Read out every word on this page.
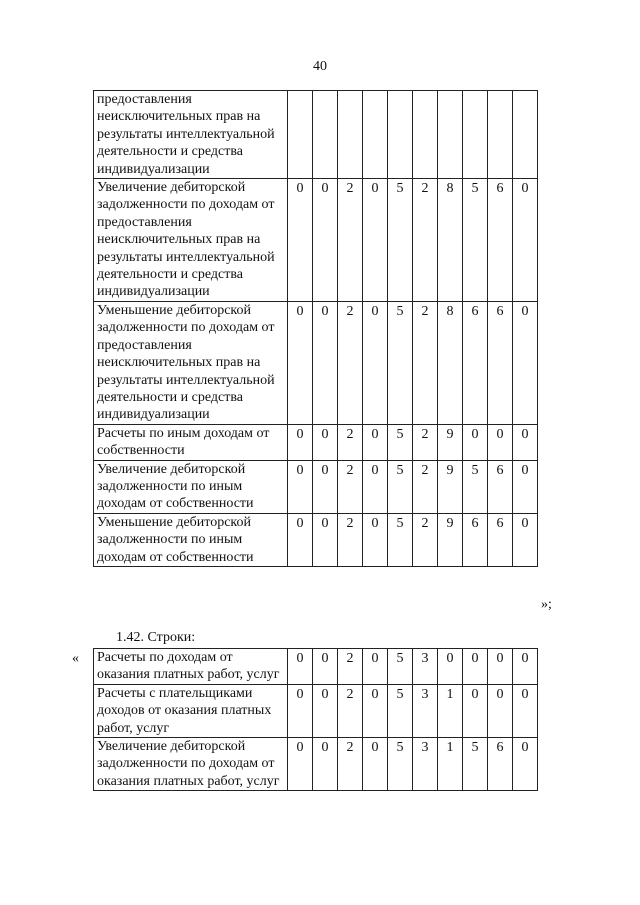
40
предоставления неисключительных прав на результаты интеллектуальной деятельности и средства индивидуализации										
Увеличение дебиторской задолженности по доходам от предоставления неисключительных прав на результаты интеллектуальной деятельности и средства индивидуализации	0	0	2	0	5	2	8	5	6	0
Уменьшение дебиторской задолженности по доходам от предоставления неисключительных прав на результаты интеллектуальной деятельности и средства индивидуализации	0	0	2	0	5	2	8	6	6	0
Расчеты по иным доходам от собственности	0	0	2	0	5	2	9	0	0	0
Увеличение дебиторской задолженности по иным доходам от собственности	0	0	2	0	5	2	9	5	6	0
Уменьшение дебиторской задолженности по иным доходам от собственности	0	0	2	0	5	2	9	6	6	0
»;
1.42. Строки:
« Расчеты по доходам от оказания платных работ, услуг	0	0	2	0	5	3	0	0	0	0
Расчеты с плательщиками доходов от оказания платных работ, услуг	0	0	2	0	5	3	1	0	0	0
Увеличение дебиторской задолженности по доходам от оказания платных работ, услуг	0	0	2	0	5	3	1	5	6	0
